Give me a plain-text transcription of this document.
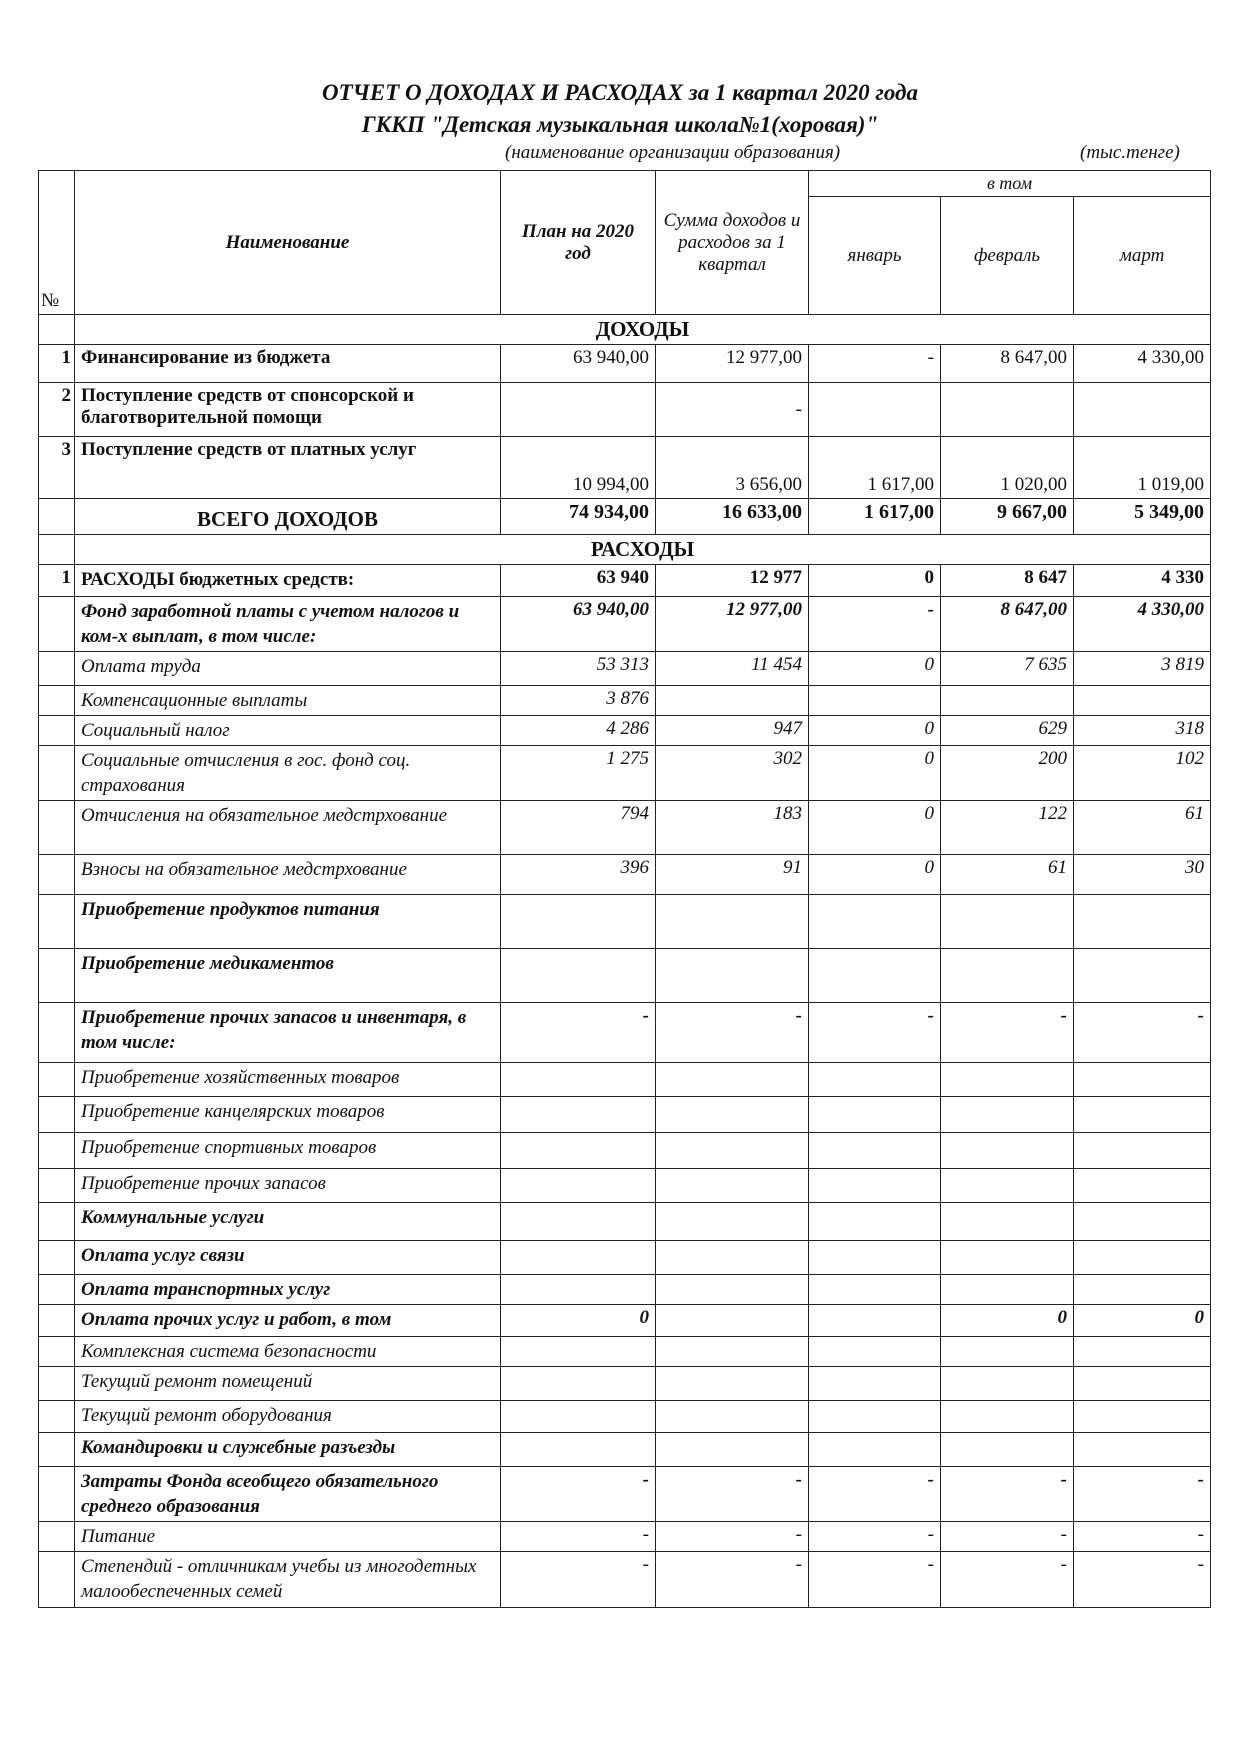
ОТЧЕТ О ДОХОДАХ И РАСХОДАХ за 1 квартал 2020 года
ГККП "Детская музыкальная школа№1(хоровая)"
(наименование организации образования)	(тыс.тенге)
№	Наименование	План на 2020 год	Сумма доходов и расходов за 1 квартал	в том		
				январь	февраль	март
	ДОХОДЫ					
1	Финансирование из бюджета	63 940,00	12 977,00	-	8 647,00	4 330,00
2	Поступление средств от спонсорской и благотворительной помощи		-			
3	Поступление средств от платных услуг	10 994,00	3 656,00	1 617,00	1 020,00	1 019,00
	ВСЕГО ДОХОДОВ	74 934,00	16 633,00	1 617,00	9 667,00	5 349,00
	РАСХОДЫ					
1	РАСХОДЫ бюджетных средств:	63 940	12 977	0	8 647	4 330
	Фонд заработной платы с учетом налогов и ком-х выплат, в том числе:	63 940,00	12 977,00	-	8 647,00	4 330,00
	Оплата труда	53 313	11 454	0	7 635	3 819
	Компенсационные выплаты	3 876				
	Социальный налог	4 286	947	0	629	318
	Социальные отчисления в гос. фонд соц. страхования	1 275	302	0	200	102
	Отчисления на обязательное медстрхование	794	183	0	122	61
	Взносы на обязательное медстрхование	396	91	0	61	30
	Приобретение продуктов питания					
	Приобретение медикаментов					
	Приобретение прочих запасов и инвентаря, в том числе:	-	-	-	-	-
	Приобретение хозяйственных товаров					
	Приобретение канцелярских товаров					
	Приобретение спортивных товаров					
	Приобретение прочих запасов					
	Коммунальные услуги					
	Оплата услуг связи					
	Оплата транспортных услуг					
	Оплата прочих услуг и работ, в том	0			0	0
	Комплексная система безопасности					
	Текущий ремонт помещений					
	Текущий ремонт оборудования					
	Командировки и служебные разъезды					
	Затраты Фонда всеобщего обязательного среднего образования	-	-	-	-	-
	Питание	-	-	-	-	-
	Степендий - отличникам учебы из многодетных малообеспеченных семей	-	-	-	-	-
